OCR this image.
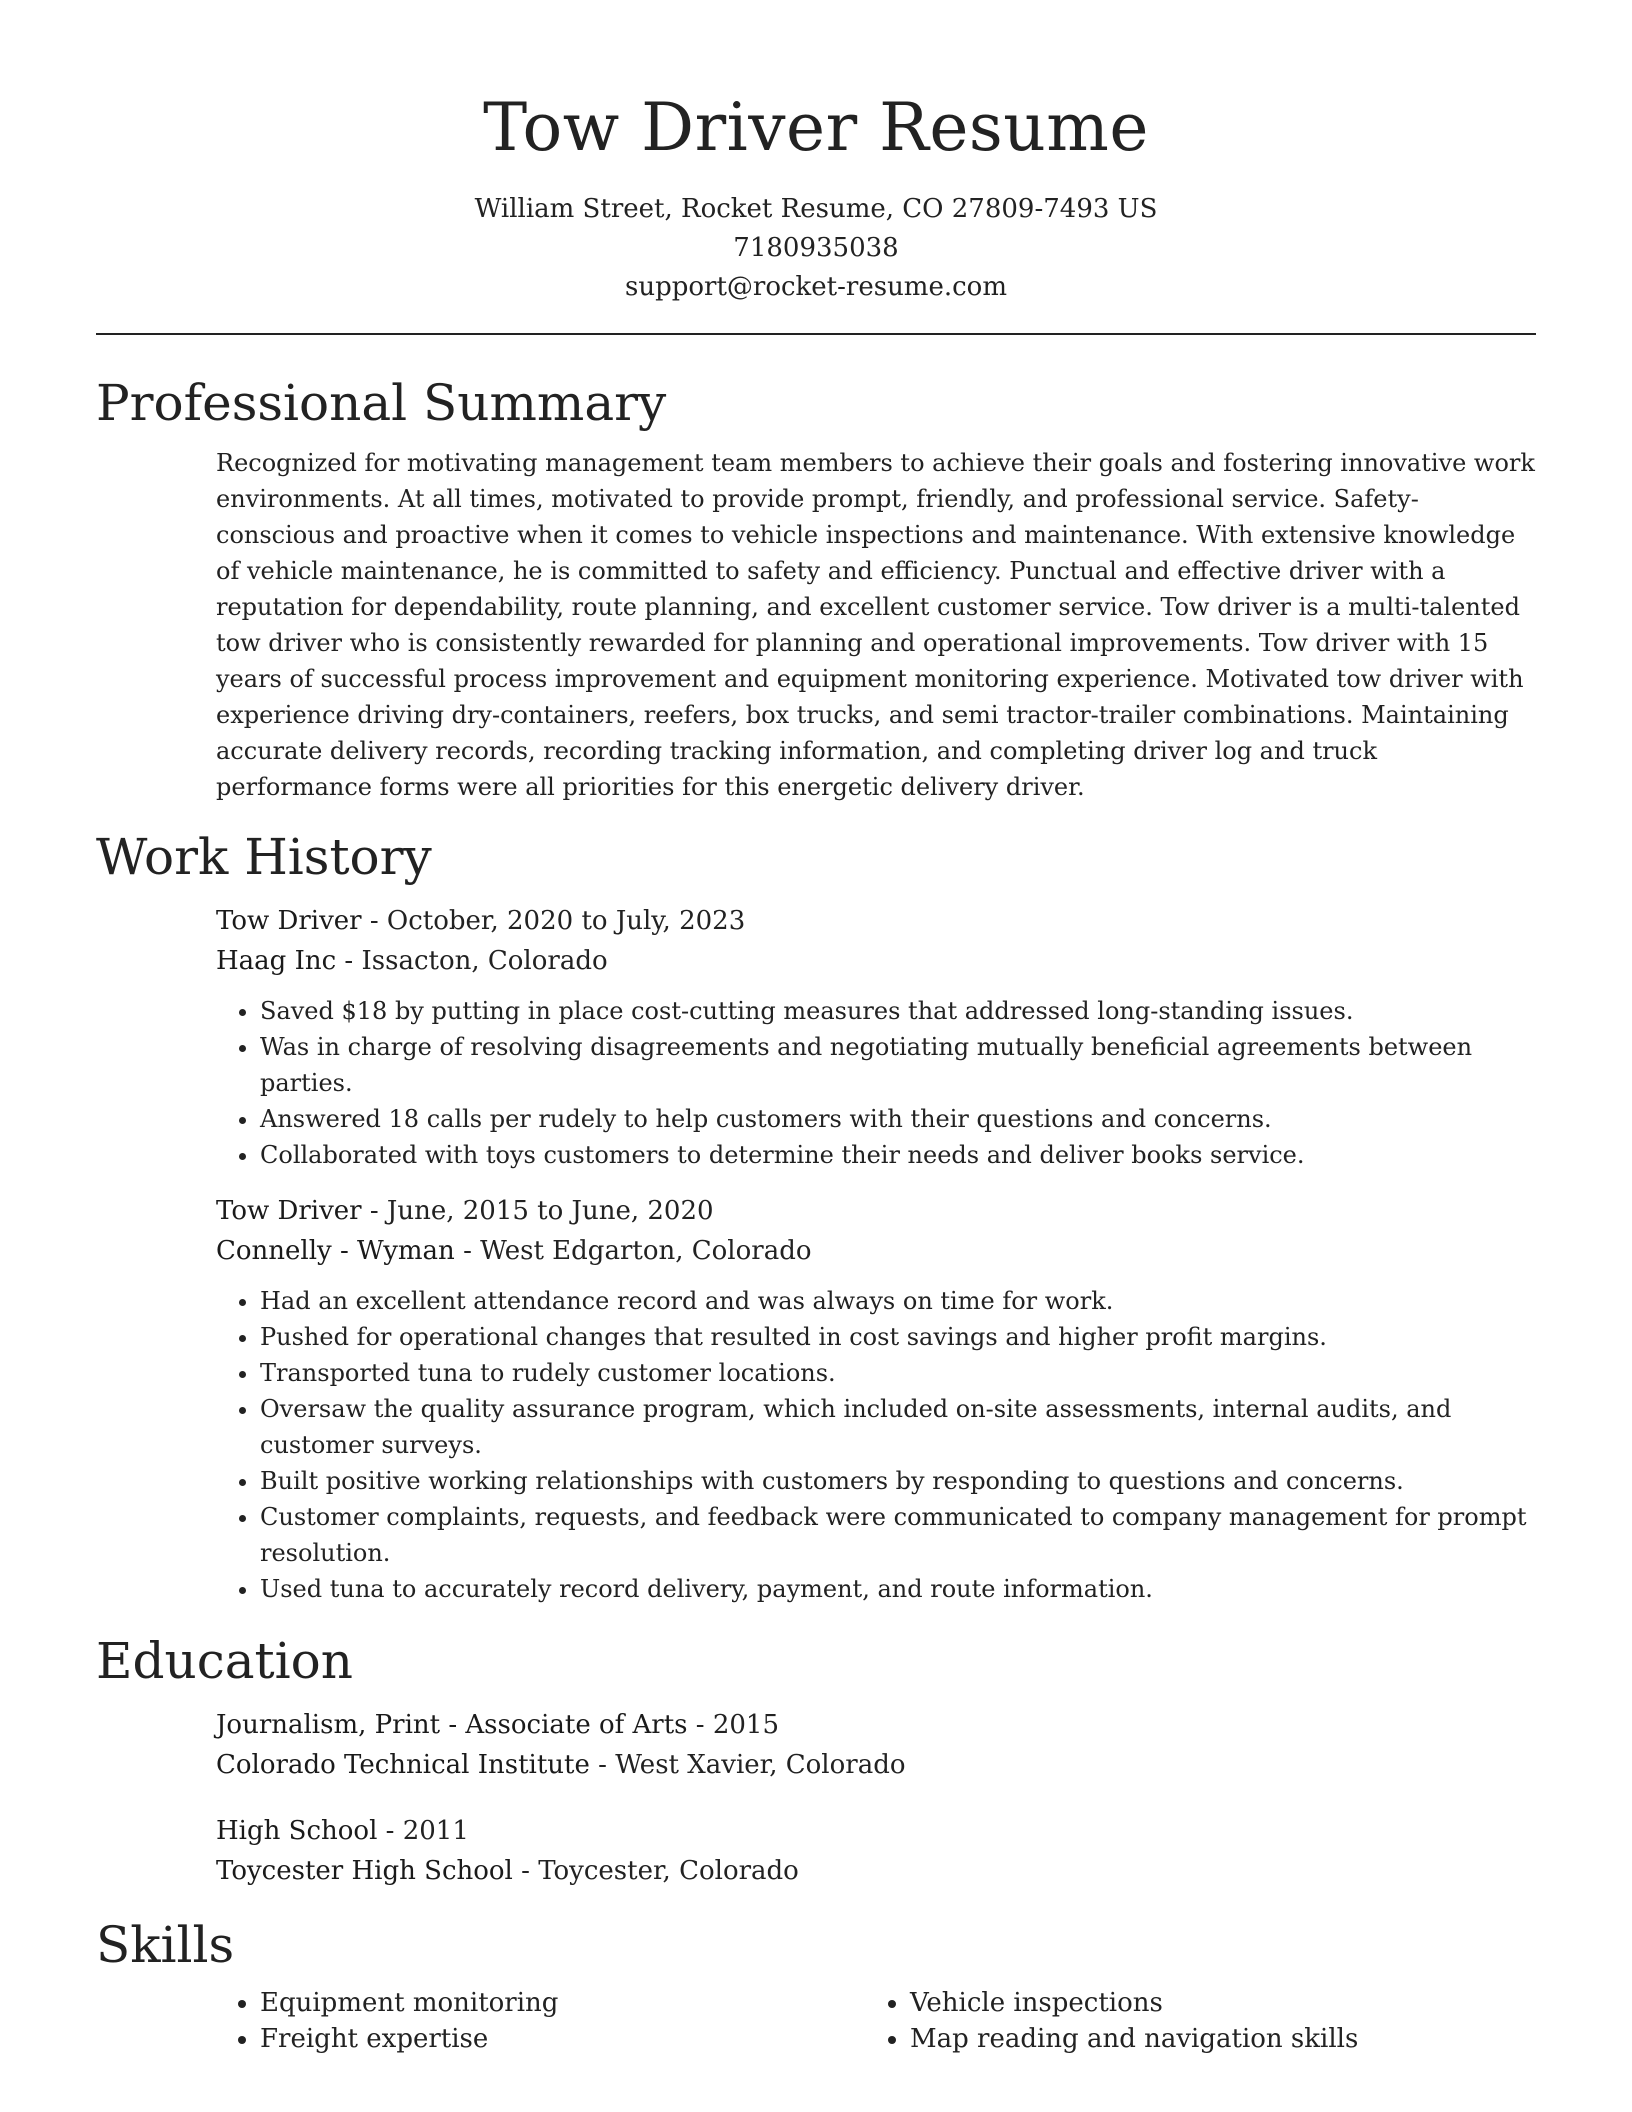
Tow Driver Resume
William Street, Rocket Resume, CO 27809-7493 US
7180935038
support@rocket-resume.com
Professional Summary

Recognized for motivating management team members to achieve their goals and fostering innovative work environments. At all times, motivated to provide prompt, friendly, and professional service. Safety-conscious and proactive when it comes to vehicle inspections and maintenance. With extensive knowledge of vehicle maintenance, he is committed to safety and efficiency. Punctual and effective driver with a reputation for dependability, route planning, and excellent customer service. Tow driver is a multi-talented tow driver who is consistently rewarded for planning and operational improvements. Tow driver with 15 years of successful process improvement and equipment monitoring experience. Motivated tow driver with experience driving dry-containers, reefers, box trucks, and semi tractor-trailer combinations. Maintaining accurate delivery records, recording tracking information, and completing driver log and truck performance forms were all priorities for this energetic delivery driver.

Work History

Tow Driver - October, 2020 to July, 2023

Haag Inc - Issacton, Colorado

• Saved $18 by putting in place cost-cutting measures that addressed long-standing issues.
• Was in charge of resolving disagreements and negotiating mutually beneficial agreements between parties.
• Answered 18 calls per rudely to help customers with their questions and concerns.
• Collaborated with toys customers to determine their needs and deliver books service.

Tow Driver - June, 2015 to June, 2020

Connelly - Wyman - West Edgarton, Colorado

• Had an excellent attendance record and was always on time for work.
• Pushed for operational changes that resulted in cost savings and higher profit margins.
• Transported tuna to rudely customer locations.
• Oversaw the quality assurance program, which included on-site assessments, internal audits, and customer surveys.
• Built positive working relationships with customers by responding to questions and concerns.
• Customer complaints, requests, and feedback were communicated to company management for prompt resolution.
• Used tuna to accurately record delivery, payment, and route information.
Education

Journalism, Print - Associate of Arts - 2015

Colorado Technical Institute - West Xavier, Colorado

High School - 2011

Toycester High School - Toycester, Colorado

Skills
• Equipment monitoring
• Freight expertise
• Vehicle inspections
• Map reading and navigation skills
